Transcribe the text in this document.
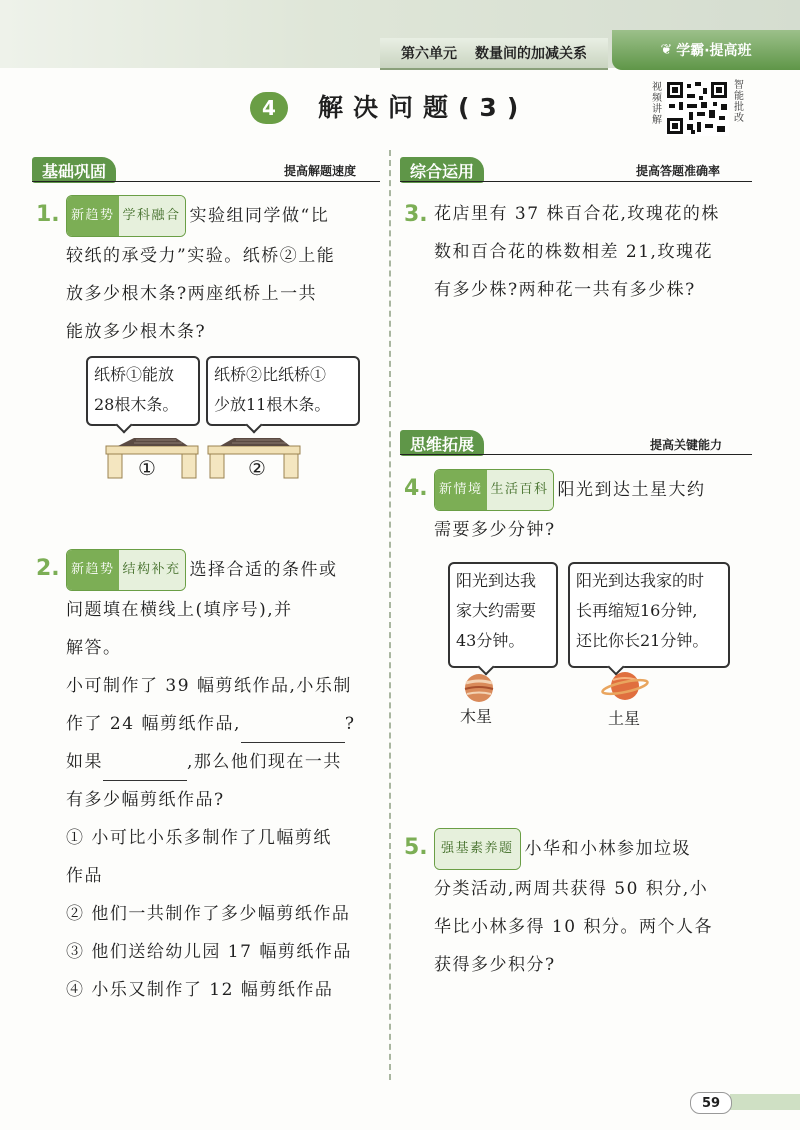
第六单元 数量间的加减关系	❦ 学霸·提高班
4	解决问题(3)
视频讲解
智能批改
基础巩固	提高解题速度
1. 新趋势 学科融合 实验组同学做“比
较纸的承受力”实验。纸桥②上能
放多少根木条?两座纸桥上一共
能放多少根木条?
纸桥①能放
28根木条。
纸桥②比纸桥①
少放11根木条。
①	②
2. 新趋势 结构补充 选择合适的条件或
问题填在横线上(填序号),并
解答。
小可制作了 39 幅剪纸作品,小乐制
作了 24 幅剪纸作品,	?
如果	,那么他们现在一共
有多少幅剪纸作品?
① 小可比小乐多制作了几幅剪纸
作品
② 他们一共制作了多少幅剪纸作品
③ 他们送给幼儿园 17 幅剪纸作品
④ 小乐又制作了 12 幅剪纸作品
综合运用	提高答题准确率
3. 花店里有 37 株百合花,玫瑰花的株
数和百合花的株数相差 21,玫瑰花
有多少株?两种花一共有多少株?
思维拓展	提高关键能力
4. 新情境 生活百科 阳光到达土星大约
需要多少分钟?
阳光到达我
家大约需要
43分钟。
阳光到达我家的时
长再缩短16分钟,
还比你长21分钟。
木星	土星
5.	强基素养题 小华和小林参加垃圾
分类活动,两周共获得 50 积分,小
华比小林多得 10 积分。两个人各
获得多少积分?
59
